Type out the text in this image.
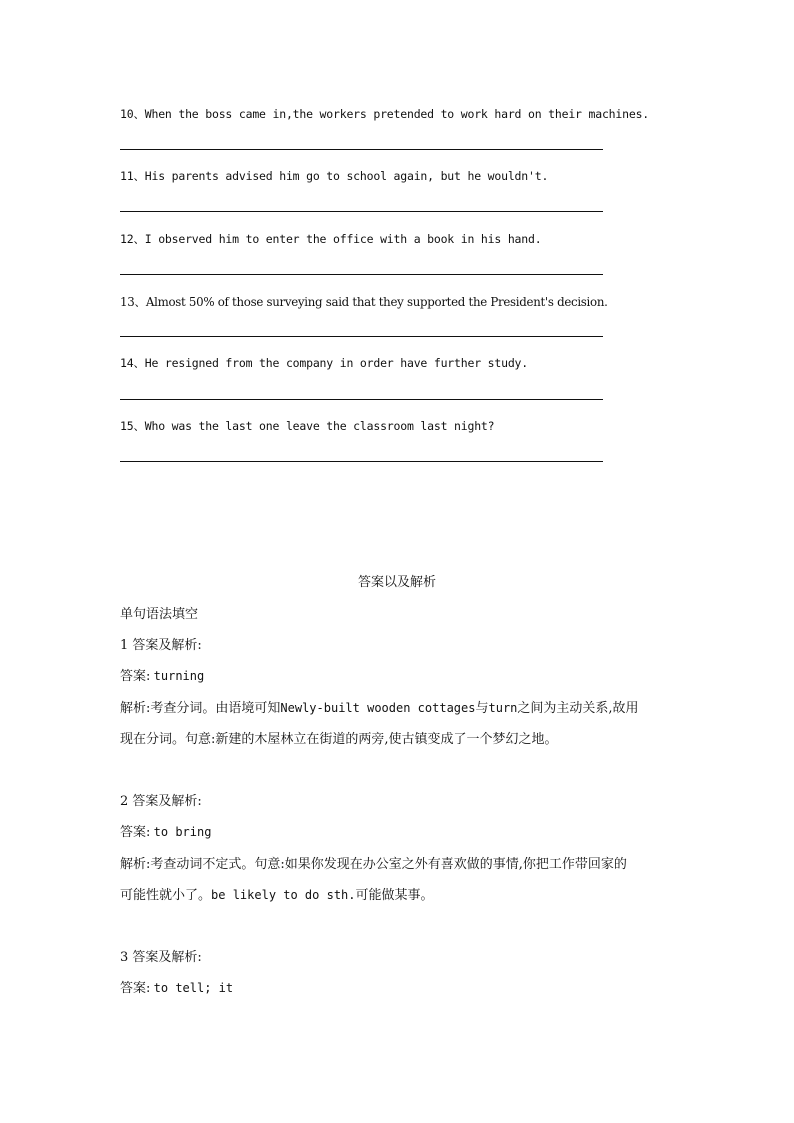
10、When the boss came in,the workers pretended to work hard on their machines.
11、His parents advised him go to school again, but he wouldn't.
12、I observed him to enter the office with a book in his hand.
13、Almost 50% of those surveying said that they supported the President's decision.
14、He resigned from the company in order have further study.
15、Who was the last one leave the classroom last night?
答案以及解析
单句语法填空
1 答案及解析:
答案: turning
解析:考查分词。由语境可知Newly-built wooden cottages与turn之间为主动关系,故用
现在分词。句意:新建的木屋林立在街道的两旁,使古镇变成了一个梦幻之地。
2 答案及解析:
答案: to bring
解析:考查动词不定式。句意:如果你发现在办公室之外有喜欢做的事情,你把工作带回家的
可能性就小了。be likely to do sth.可能做某事。
3 答案及解析:
答案: to tell; it
